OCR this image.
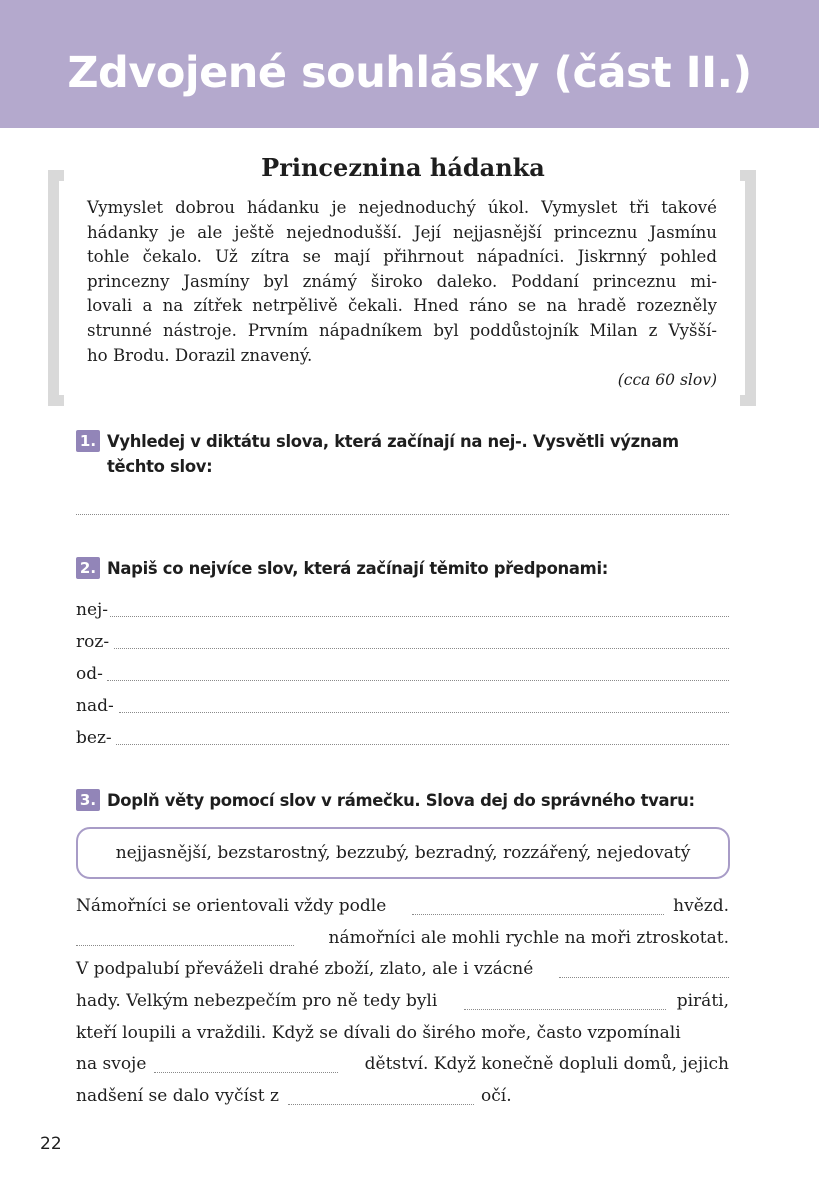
Zdvojené souhlásky (část II.)
Princeznina hádanka
Vymyslet dobrou hádanku je nejednoduchý úkol. Vymyslet tři takové
hádanky je ale ještě nejednodušší. Její nejjasnější princeznu Jasmínu
tohle čekalo. Už zítra se mají přihrnout nápadníci. Jiskrnný pohled
princezny Jasmíny byl známý široko daleko. Poddaní princeznu mi-
lovali a na zítřek netrpělivě čekali. Hned ráno se na hradě rozezněly
strunné nástroje. Prvním nápadníkem byl poddůstojník Milan z Vyšší-
ho Brodu. Dorazil znavený.
(cca 60 slov)
1. Vyhledej v diktátu slova, která začínají na nej-. Vysvětli význam
těchto slov:
2. Napiš co nejvíce slov, která začínají těmito předponami:
nej-
roz-
od-
nad-
bez-
3. Doplň věty pomocí slov v rámečku. Slova dej do správného tvaru:
nejjasnější, bezstarostný, bezzubý, bezradný, rozzářený, nejedovatý
Námořníci se orientovali vždy podle	hvězd.
námořníci ale mohli rychle na moři ztroskotat.
V podpalubí převáželi drahé zboží, zlato, ale i vzácné
hady. Velkým nebezpečím pro ně tedy byli	piráti,
kteří loupili a vraždili. Když se dívali do širého moře, často vzpomínali
na svoje	dětství. Když konečně dopluli domů, jejich
nadšení se dalo vyčíst z	očí.
22
